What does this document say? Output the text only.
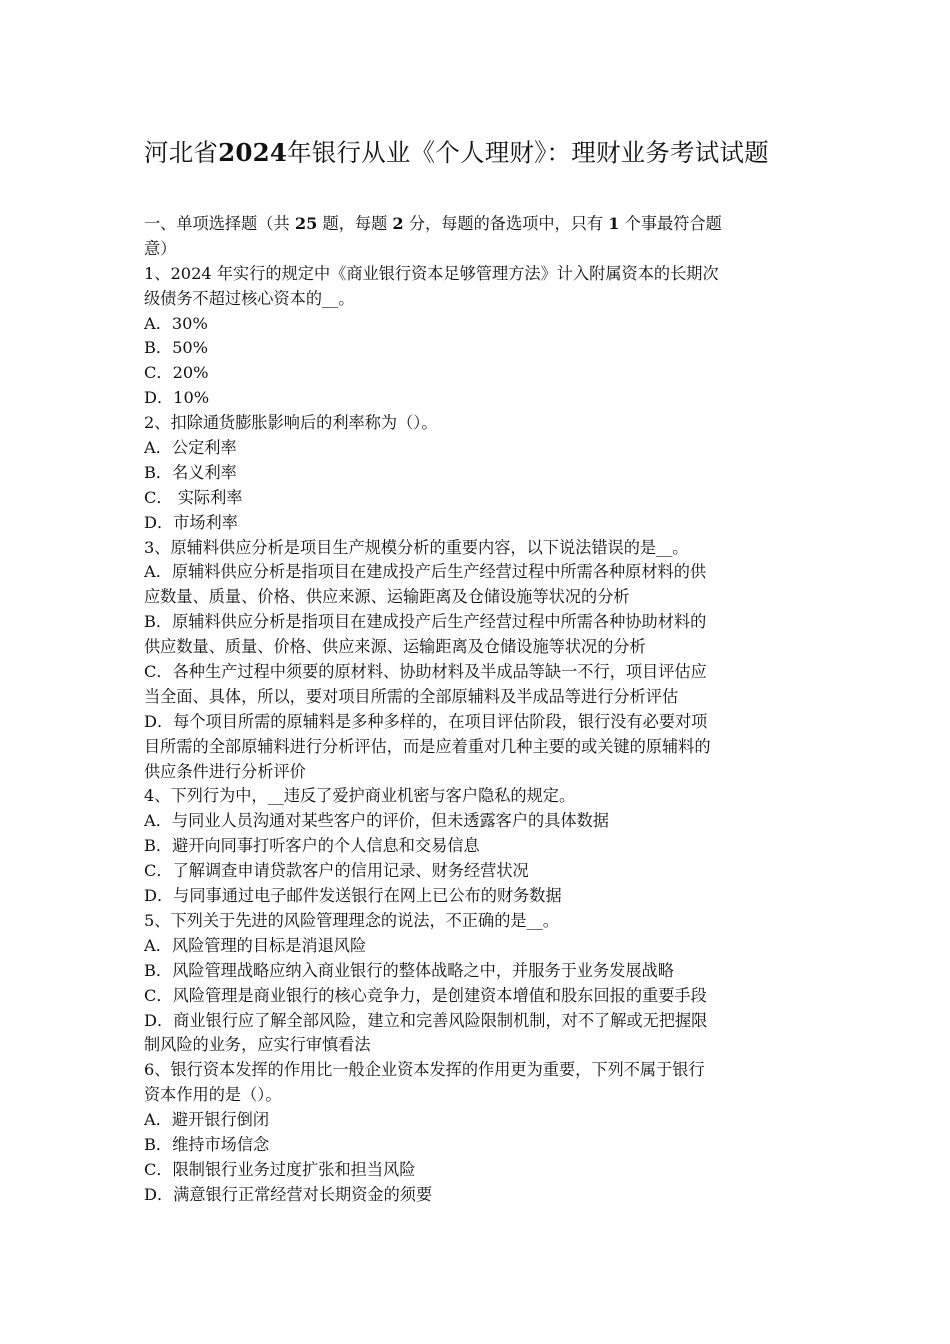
河北省2024年银行从业《个人理财》：理财业务考试试题
一、单项选择题（共 25 题，每题 2 分，每题的备选项中，只有 1 个事最符合题
意）
1、2024 年实行的规定中《商业银行资本足够管理方法》计入附属资本的长期次
级债务不超过核心资本的__。
A．30%
B．50%
C．20%
D．10%
2、扣除通货膨胀影响后的利率称为（）。
A．公定利率
B．名义利率
C． 实际利率
D．市场利率
3、原辅料供应分析是项目生产规模分析的重要内容，以下说法错误的是__。
A．原辅料供应分析是指项目在建成投产后生产经营过程中所需各种原材料的供
应数量、质量、价格、供应来源、运输距离及仓储设施等状况的分析
B．原辅料供应分析是指项目在建成投产后生产经营过程中所需各种协助材料的
供应数量、质量、价格、供应来源、运输距离及仓储设施等状况的分析
C．各种生产过程中须要的原材料、协助材料及半成品等缺一不行，项目评估应
当全面、具体，所以，要对项目所需的全部原辅料及半成品等进行分析评估
D．每个项目所需的原辅料是多种多样的，在项目评估阶段，银行没有必要对项
目所需的全部原辅料进行分析评估，而是应着重对几种主要的或关键的原辅料的
供应条件进行分析评价
4、下列行为中，__违反了爱护商业机密与客户隐私的规定。
A．与同业人员沟通对某些客户的评价，但未透露客户的具体数据
B．避开向同事打听客户的个人信息和交易信息
C．了解调查申请贷款客户的信用记录、财务经营状况
D．与同事通过电子邮件发送银行在网上已公布的财务数据
5、下列关于先进的风险管理理念的说法，不正确的是__。
A．风险管理的目标是消退风险
B．风险管理战略应纳入商业银行的整体战略之中，并服务于业务发展战略
C．风险管理是商业银行的核心竞争力，是创建资本增值和股东回报的重要手段
D．商业银行应了解全部风险，建立和完善风险限制机制，对不了解或无把握限
制风险的业务，应实行审慎看法
6、银行资本发挥的作用比一般企业资本发挥的作用更为重要，下列不属于银行
资本作用的是（）。
A．避开银行倒闭
B．维持市场信念
C．限制银行业务过度扩张和担当风险
D．满意银行正常经营对长期资金的须要
